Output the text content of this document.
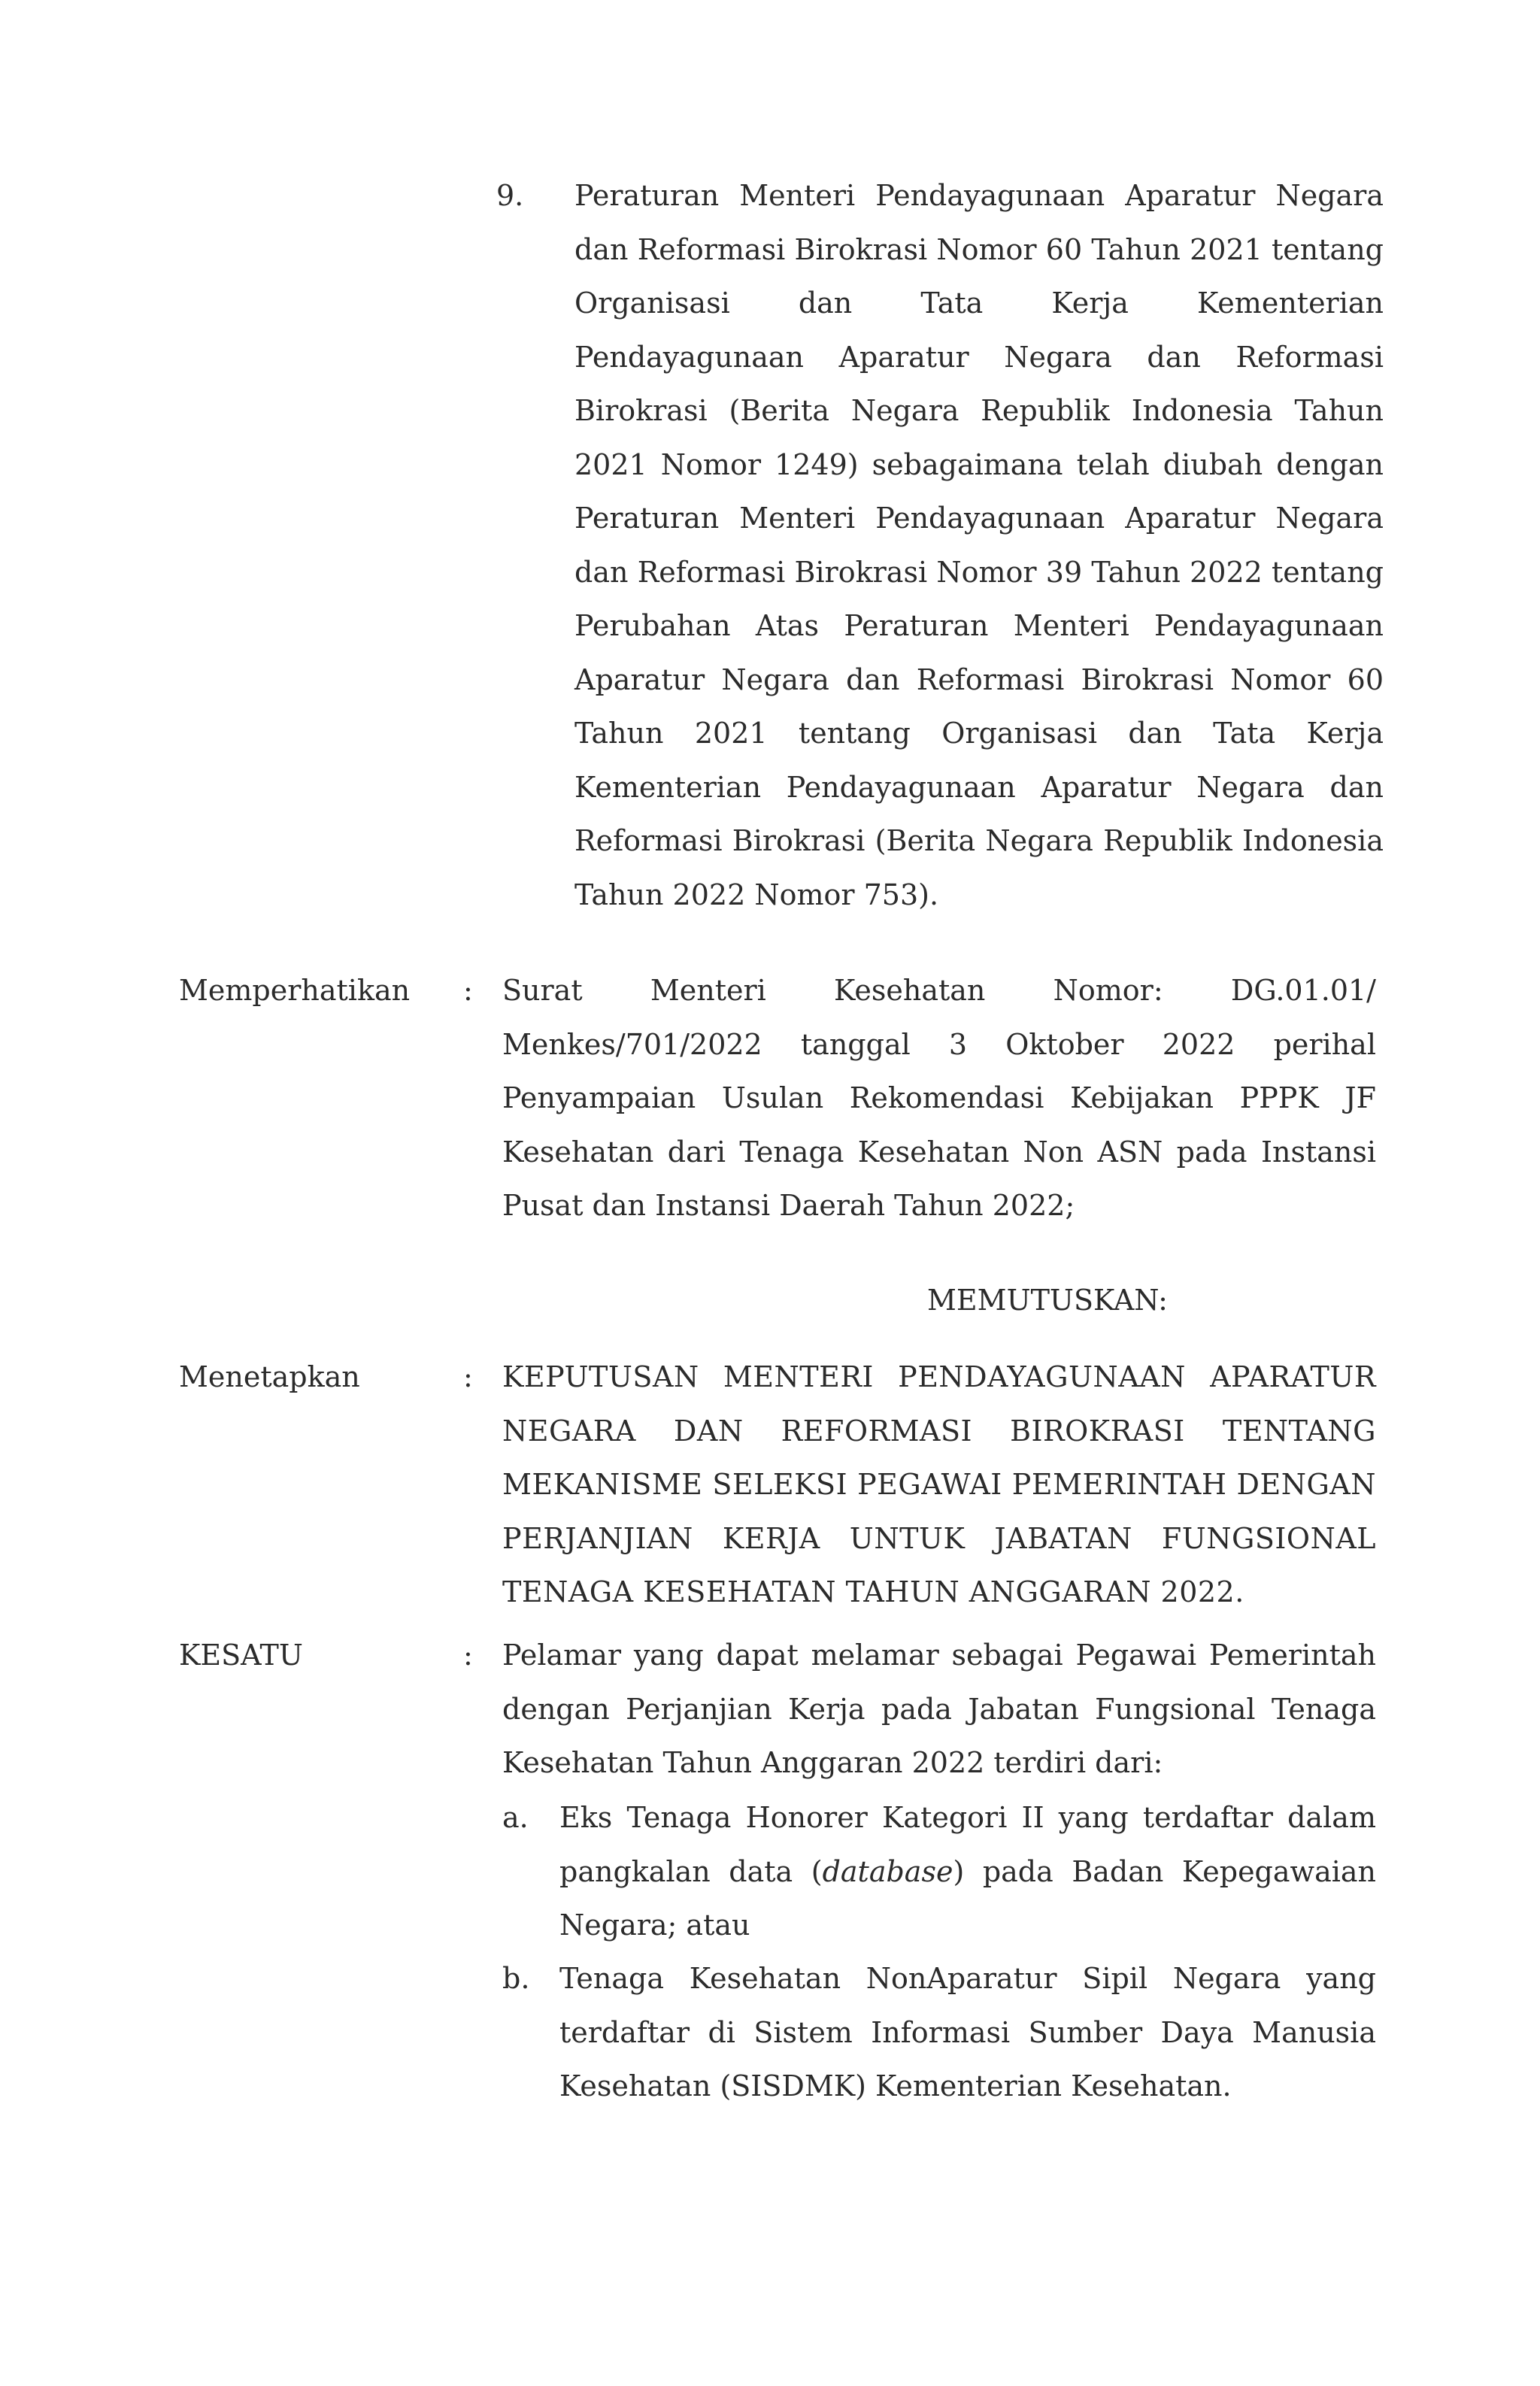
9. Peraturan Menteri Pendayagunaan Aparatur Negara dan Reformasi Birokrasi Nomor 60 Tahun 2021 tentang Organisasi dan Tata Kerja Kementerian Pendayagunaan Aparatur Negara dan Reformasi Birokrasi (Berita Negara Republik Indonesia Tahun 2021 Nomor 1249) sebagaimana telah diubah dengan Peraturan Menteri Pendayagunaan Aparatur Negara dan Reformasi Birokrasi Nomor 39 Tahun 2022 tentang Perubahan Atas Peraturan Menteri Pendayagunaan Aparatur Negara dan Reformasi Birokrasi Nomor 60 Tahun 2021 tentang Organisasi dan Tata Kerja Kementerian Pendayagunaan Aparatur Negara dan Reformasi Birokrasi (Berita Negara Republik Indonesia Tahun 2022 Nomor 753).
Memperhatikan : Surat Menteri Kesehatan Nomor: DG.01.01/ Menkes/701/2022 tanggal 3 Oktober 2022 perihal Penyampaian Usulan Rekomendasi Kebijakan PPPK JF Kesehatan dari Tenaga Kesehatan Non ASN pada Instansi Pusat dan Instansi Daerah Tahun 2022;
MEMUTUSKAN:
Menetapkan	: KEPUTUSAN MENTERI PENDAYAGUNAAN APARATUR NEGARA DAN REFORMASI BIROKRASI TENTANG MEKANISME SELEKSI PEGAWAI PEMERINTAH DENGAN PERJANJIAN KERJA UNTUK JABATAN FUNGSIONAL TENAGA KESEHATAN TAHUN ANGGARAN 2022.
KESATU	: Pelamar yang dapat melamar sebagai Pegawai Pemerintah dengan Perjanjian Kerja pada Jabatan Fungsional Tenaga Kesehatan Tahun Anggaran 2022 terdiri dari:
a. Eks Tenaga Honorer Kategori II yang terdaftar dalam pangkalan data (database) pada Badan Kepegawaian Negara; atau
b. Tenaga Kesehatan NonAparatur Sipil Negara yang terdaftar di Sistem Informasi Sumber Daya Manusia Kesehatan (SISDMK) Kementerian Kesehatan.
